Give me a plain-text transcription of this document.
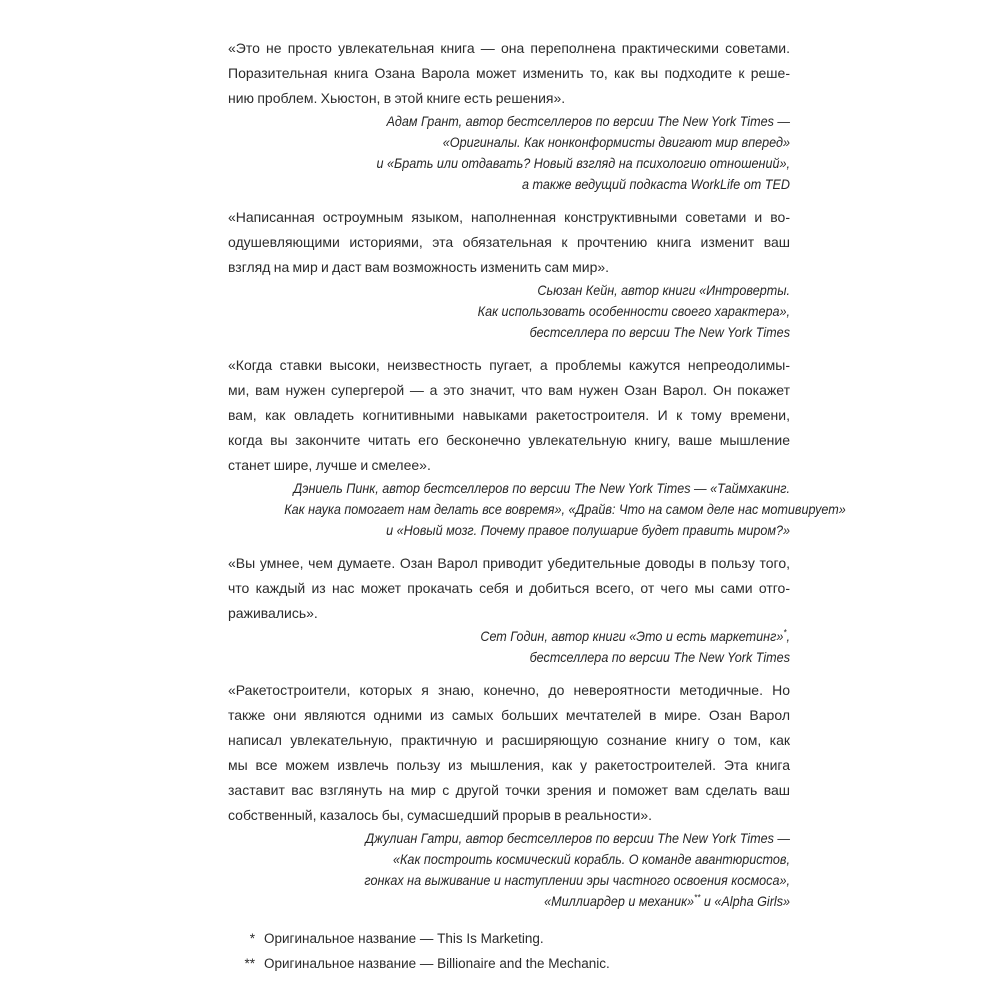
«Это не просто увлекательная книга — она переполнена практическими советами.
Поразительная книга Озана Варола может изменить то, как вы подходите к реше-
нию проблем. Хьюстон, в этой книге есть решения».
Адам Грант, автор бестселлеров по версии The New York Times —
«Оригиналы. Как нонконформисты двигают мир вперед»
и «Брать или отдавать? Новый взгляд на психологию отношений»,
а также ведущий подкаста WorkLife от TED
«Написанная остроумным языком, наполненная конструктивными советами и во-
одушевляющими историями, эта обязательная к прочтению книга изменит ваш
взгляд на мир и даст вам возможность изменить сам мир».
Сьюзан Кейн, автор книги «Интроверты.
Как использовать особенности своего характера»,
бестселлера по версии The New York Times
«Когда ставки высоки, неизвестность пугает, а проблемы кажутся непреодолимы-
ми, вам нужен супергерой — а это значит, что вам нужен Озан Варол. Он покажет
вам, как овладеть когнитивными навыками ракетостроителя. И к тому времени,
когда вы закончите читать его бесконечно увлекательную книгу, ваше мышление
станет шире, лучше и смелее».
Дэниель Пинк, автор бестселлеров по версии The New York Times — «Таймхакинг.
Как наука помогает нам делать все вовремя», «Драйв: Что на самом деле нас мотивирует»
и «Новый мозг. Почему правое полушарие будет править миром?»
«Вы умнее, чем думаете. Озан Варол приводит убедительные доводы в пользу того,
что каждый из нас может прокачать себя и добиться всего, от чего мы сами отго-
раживались».
Сет Годин, автор книги «Это и есть маркетинг»*,
бестселлера по версии The New York Times
«Ракетостроители, которых я знаю, конечно, до невероятности методичные. Но
также они являются одними из самых больших мечтателей в мире. Озан Варол
написал увлекательную, практичную и расширяющую сознание книгу о том, как
мы все можем извлечь пользу из мышления, как у ракетостроителей. Эта книга
заставит вас взглянуть на мир с другой точки зрения и поможет вам сделать ваш
собственный, казалось бы, сумасшедший прорыв в реальности».
Джулиан Гатри, автор бестселлеров по версии The New York Times —
«Как построить космический корабль. О команде авантюристов,
гонках на выживание и наступлении эры частного освоения космоса»,
«Миллиардер и механик»** и «Alpha Girls»
* Оригинальное название — This Is Marketing.
** Оригинальное название — Billionaire and the Mechanic.
